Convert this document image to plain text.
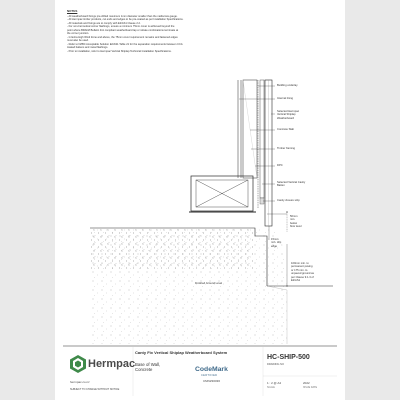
NOTES

- All weatherboard fixings pre-drilled maximum 1mm diameter smaller than the nail/screw gauge.

- All Hermpac timber products, cut ends and edges to be pre-coated as per Installation Specifications.

- All materials and fixings are to comply with E2/AS1 Clause 2.2.

- For non-hermetical corner flashings, ensure a minimum 75mm cover is achieved beyond the

point where BRANZ Bulletin 411 compliant weatherboard lap or rebate combinations terminate at

the corner junction.

- In Extra High Wind Zone and above, the 75mm cover requirement remains and fastened edges

must also be used.

- Refer to NZBC Acceptable Solution E2/AS1 Table 21 for the separation requirements between CCA

treated battens and metal flashings.

- Prior to installation, refer to Hermpac Vertical Shiplap Technical Installation Specifications.

Building underlay
Internal lining
Selected Hermpac
Vertical Shiplap
Weatherboard
Concrete Slab
Timber framing
DPC
Selected Vertical Cavity
Batten
Cavity closure strip
50mm
min.
below
floor level
15mm
min. drip
edge
100mm min. to
permanent paving
or 175 min. to
unpaved ground as
per Clause 9.1.3 of
E2/AS1
Finished Ground Level
Hermpac
hermpac.co.nz
SUBJECT TO CHANGE WITHOUT NOTICE
Canty Fix Vertical Shiplap Weatherboard System
Base of Wall,
Concrete	CodeMark
CERTIFIED
CMNZ30036
HC-SHIP-500
DRAWING NO
1 : 2 @ A4
SCALE
2022
ISSUE DATE
